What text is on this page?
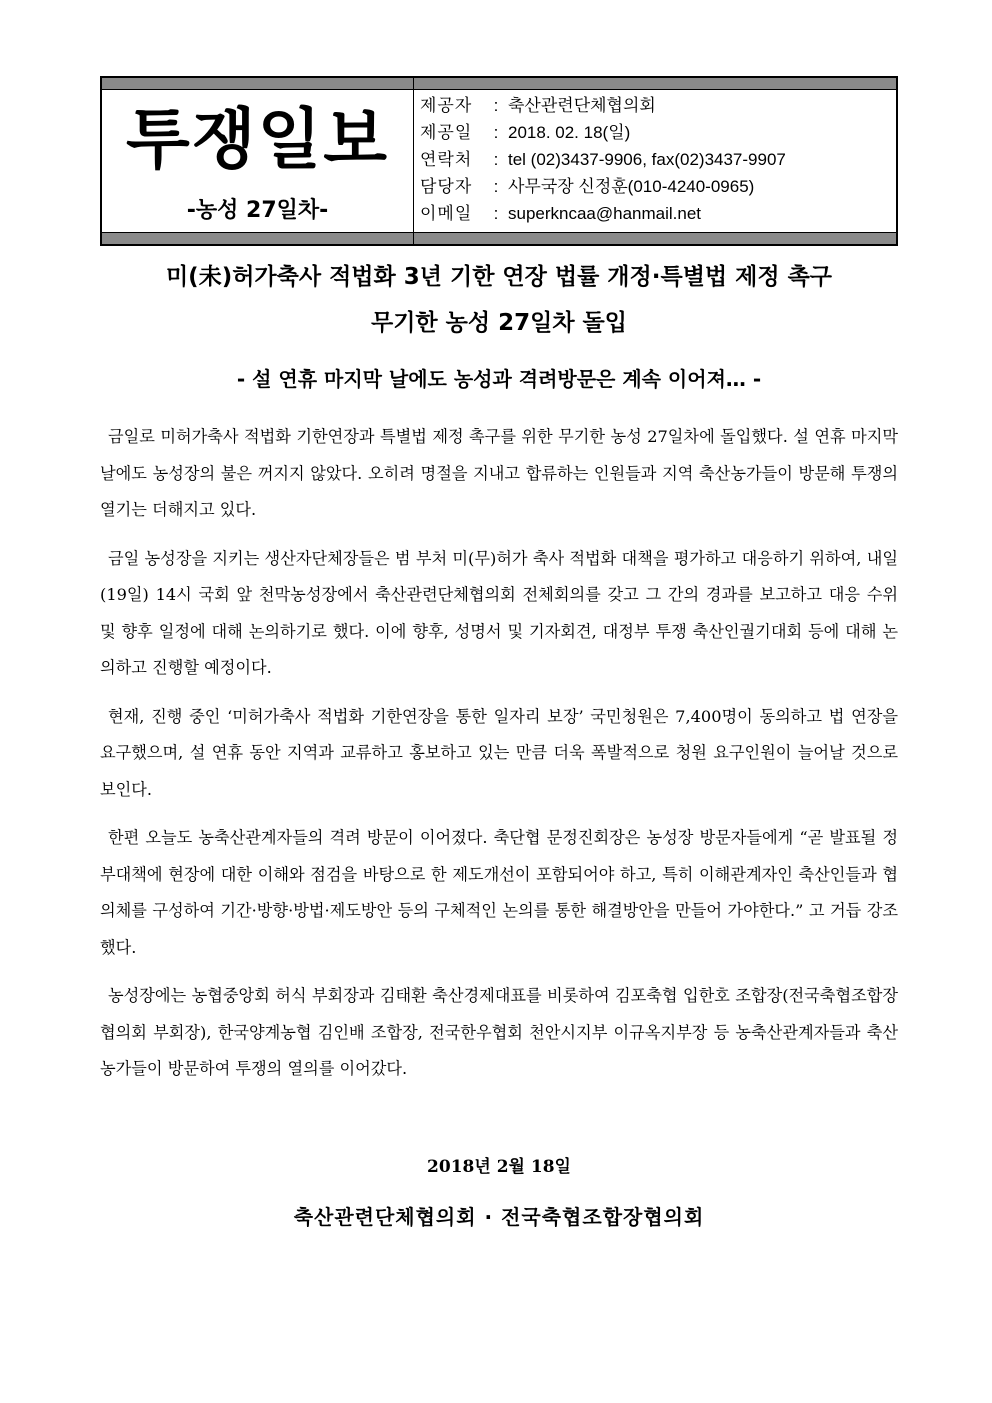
투쟁일보
-농성 27일차-
제공자	: 축산관련단체협의회
제공일	: 2018. 02. 18(일)
연락처	: tel (02)3437-9906, fax(02)3437-9907
담당자	: 사무국장 신정훈(010-4240-0965)
이메일	: superkncaa@hanmail.net
미(未)허가축사 적법화 3년 기한 연장 법률 개정·특별법 제정 촉구
무기한 농성 27일차 돌입
- 설 연휴 마지막 날에도 농성과 격려방문은 계속 이어져… -

금일로 미허가축사 적법화 기한연장과 특별법 제정 촉구를 위한 무기한 농성 27일차에 돌입했다. 설 연휴 마지막 날에도 농성장의 불은 꺼지지 않았다. 오히려 명절을 지내고 합류하는 인원들과 지역 축산농가들이 방문해 투쟁의 열기는 더해지고 있다.

금일 농성장을 지키는 생산자단체장들은 범 부처 미(무)허가 축사 적법화 대책을 평가하고 대응하기 위하여, 내일(19일) 14시 국회 앞 천막농성장에서 축산관련단체협의회 전체회의를 갖고 그 간의 경과를 보고하고 대응 수위 및 향후 일정에 대해 논의하기로 했다. 이에 향후, 성명서 및 기자회견, 대정부 투쟁 축산인궐기대회 등에 대해 논의하고 진행할 예정이다.

현재, 진행 중인 ‘미허가축사 적법화 기한연장을 통한 일자리 보장’ 국민청원은 7,400명이 동의하고 법 연장을 요구했으며, 설 연휴 동안 지역과 교류하고 홍보하고 있는 만큼 더욱 폭발적으로 청원 요구인원이 늘어날 것으로 보인다.

한편 오늘도 농축산관계자들의 격려 방문이 이어졌다. 축단협 문정진회장은 농성장 방문자들에게 “곧 발표될 정부대책에 현장에 대한 이해와 점검을 바탕으로 한 제도개선이 포함되어야 하고, 특히 이해관계자인 축산인들과 협의체를 구성하여 기간·방향·방법·제도방안 등의 구체적인 논의를 통한 해결방안을 만들어 가야한다.” 고 거듭 강조했다.

농성장에는 농협중앙회 허식 부회장과 김태환 축산경제대표를 비롯하여 김포축협 입한호 조합장(전국축협조합장협의회 부회장), 한국양계농협 김인배 조합장, 전국한우협회 천안시지부 이규옥지부장 등 농축산관계자들과 축산농가들이 방문하여 투쟁의 열의를 이어갔다.

2018년 2월 18일
축산관련단체협의회 · 전국축협조합장협의회
